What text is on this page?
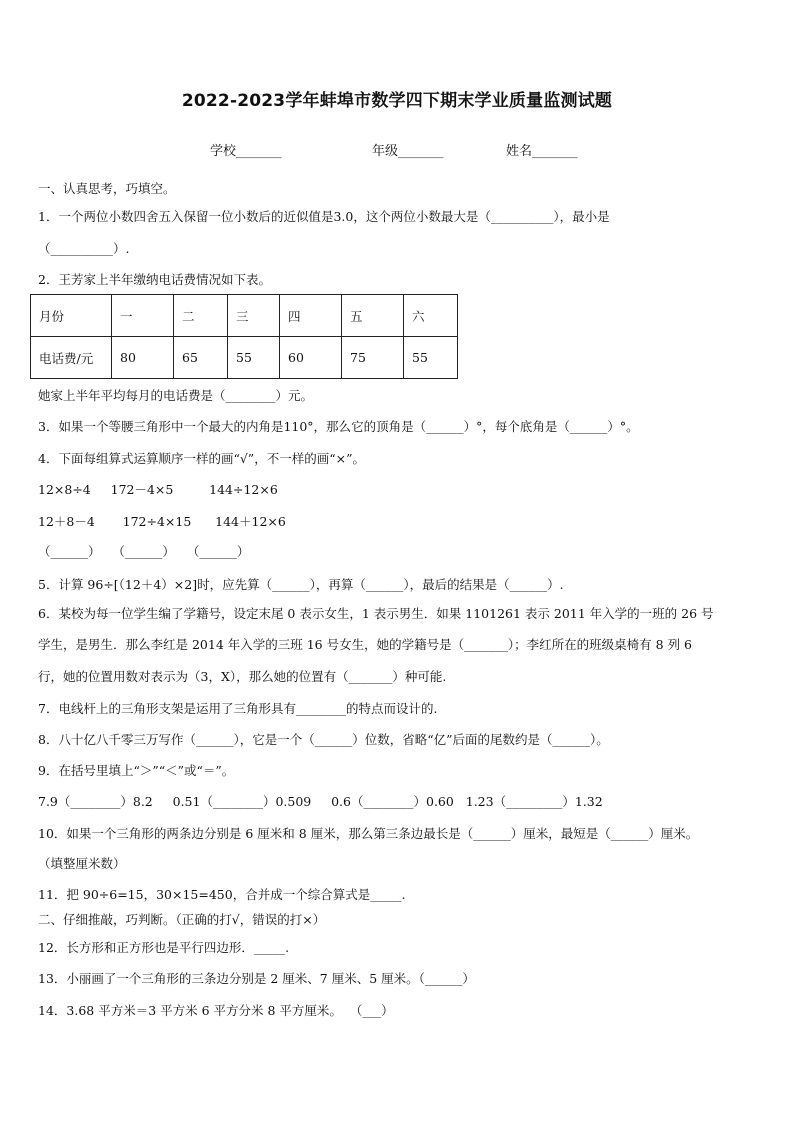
2022-2023学年蚌埠市数学四下期末学业质量监测试题
学校_______	年级_______	姓名_______
一、认真思考，巧填空。
1．一个两位小数四舍五入保留一位小数后的近似值是3.0，这个两位小数最大是（__________），最小是
（__________）.
2．王芳家上半年缴纳电话费情况如下表。
月份	一	二	三	四	五	六
电话费/元	80	65	55	60	75	55
她家上半年平均每月的电话费是（________）元。
3．如果一个等腰三角形中一个最大的内角是110°，那么它的顶角是（______）°，每个底角是（______）°。
4．下面每组算式运算顺序一样的画“√”，不一样的画“×”。
12×8÷4     172－4×5         144÷12×6
12＋8－4       172÷4×15      144＋12×6
（______）   （______）   （______）
5．计算 96÷[（12＋4）×2]时，应先算（______），再算（______），最后的结果是（______）.
6．某校为每一位学生编了学籍号，设定末尾 0 表示女生，1 表示男生．如果 1101261 表示 2011 年入学的一班的 26 号
学生，是男生．那么李红是 2014 年入学的三班 16 号女生，她的学籍号是（_______）；李红所在的班级桌椅有 8 列 6
行，她的位置用数对表示为（3，X），那么她的位置有（_______）种可能.
7．电线杆上的三角形支架是运用了三角形具有________的特点而设计的.
8．八十亿八千零三万写作（______），它是一个（______）位数，省略“亿”后面的尾数约是（______）。
9．在括号里填上“＞”“＜”或“＝”。
7.9（________）8.2     0.51（________）0.509     0.6（________）0.60   1.23（_________）1.32
10．如果一个三角形的两条边分别是 6 厘米和 8 厘米，那么第三条边最长是（______）厘米，最短是（______）厘米。
（填整厘米数）
11．把 90÷6=15，30×15=450，合并成一个综合算式是_____.
二、仔细推敲，巧判断。（正确的打√，错误的打×）
12．长方形和正方形也是平行四边形．_____.
13．小丽画了一个三角形的三条边分别是 2 厘米、7 厘米、5 厘米。（______）
14．3.68 平方米＝3 平方米 6 平方分米 8 平方厘米。  （___）
